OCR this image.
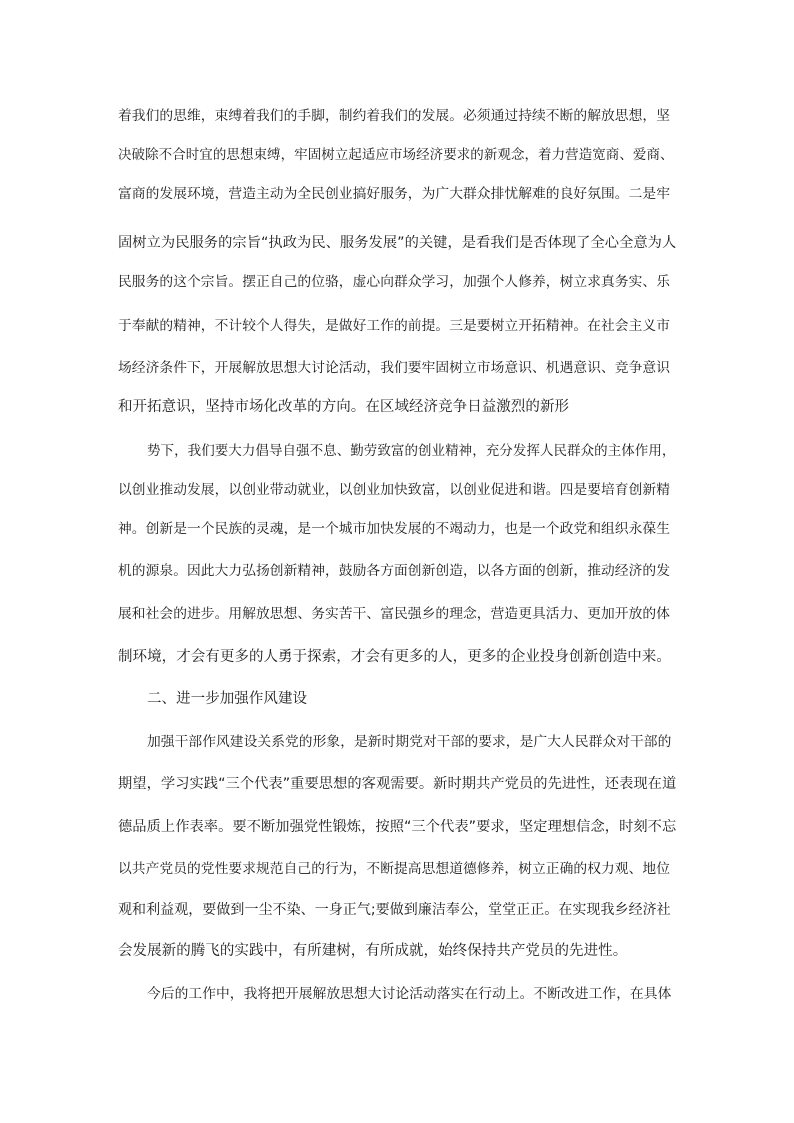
着我们的思维，束缚着我们的手脚，制约着我们的发展。必须通过持续不断的解放思想，坚
决破除不合时宜的思想束缚，牢固树立起适应市场经济要求的新观念，着力营造宽商、爱商、
富商的发展环境，营造主动为全民创业搞好服务，为广大群众排忧解难的良好氛围。二是牢
固树立为民服务的宗旨“执政为民、服务发展”的关键，是看我们是否体现了全心全意为人
民服务的这个宗旨。摆正自己的位骆，虚心向群众学习，加强个人修养，树立求真务实、乐
于奉献的精神，不计较个人得失，是做好工作的前提。三是要树立开拓精神。在社会主义市
场经济条件下，开展解放思想大讨论活动，我们要牢固树立市场意识、机遇意识、竞争意识
和开拓意识，坚持市场化改革的方向。在区域经济竞争日益激烈的新形
势下，我们要大力倡导自强不息、勤劳致富的创业精神，充分发挥人民群众的主体作用，
以创业推动发展，以创业带动就业，以创业加快致富，以创业促进和谐。四是要培育创新精
神。创新是一个民族的灵魂，是一个城市加快发展的不竭动力，也是一个政党和组织永葆生
机的源泉。因此大力弘扬创新精神，鼓励各方面创新创造，以各方面的创新，推动经济的发
展和社会的进步。用解放思想、务实苦干、富民强乡的理念，营造更具活力、更加开放的体
制环境，才会有更多的人勇于探索，才会有更多的人，更多的企业投身创新创造中来。
二、进一步加强作风建设
加强干部作风建设关系党的形象，是新时期党对干部的要求，是广大人民群众对干部的
期望，学习实践“三个代表”重要思想的客观需要。新时期共产党员的先进性，还表现在道
德品质上作表率。要不断加强党性锻炼，按照“三个代表”要求，坚定理想信念，时刻不忘
以共产党员的党性要求规范自己的行为，不断提高思想道德修养，树立正确的权力观、地位
观和利益观，要做到一尘不染、一身正气;要做到廉洁奉公，堂堂正正。在实现我乡经济社
会发展新的腾飞的实践中，有所建树，有所成就，始终保持共产党员的先进性。
今后的工作中，我将把开展解放思想大讨论活动落实在行动上。不断改进工作，在具体
